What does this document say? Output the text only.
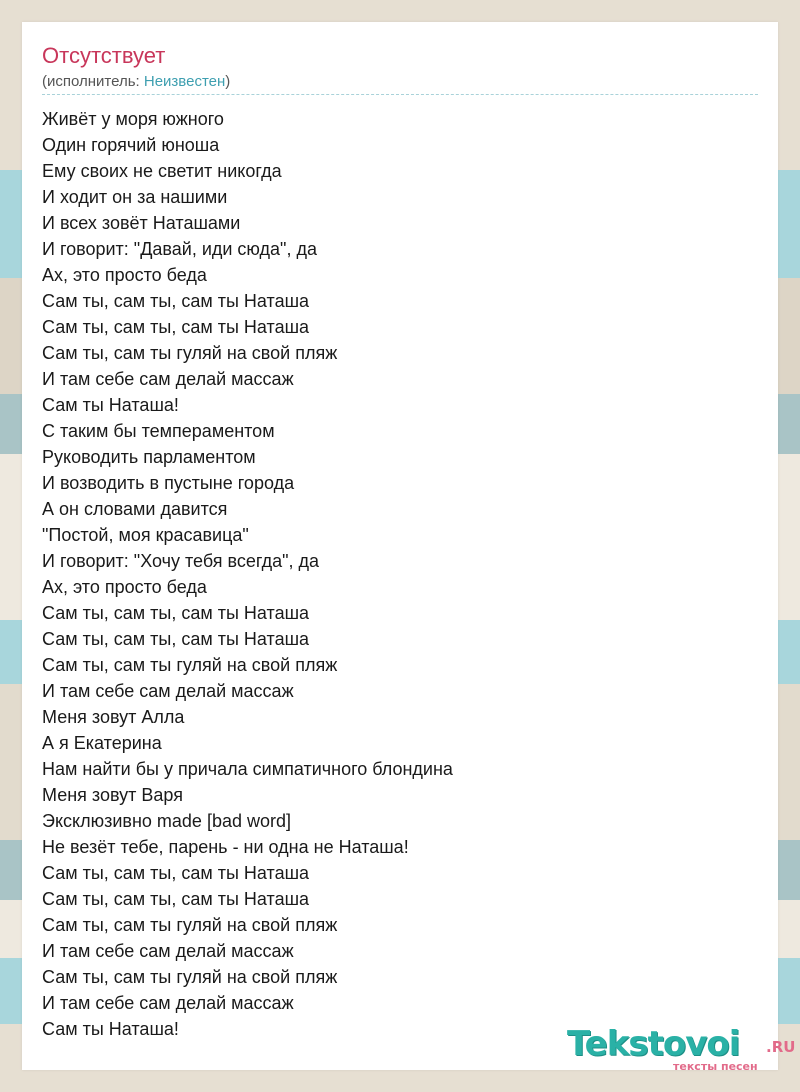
Отсутствует
(исполнитель: Неизвестен)
Живёт у моря южного
Один горячий юноша
Ему своих не светит никогда
И ходит он за нашими
И всех зовёт Наташами
И говорит: "Давай, иди сюда", да
Ах, это просто беда
Сам ты, сам ты, сам ты Наташа
Сам ты, сам ты, сам ты Наташа
Сам ты, сам ты гуляй на свой пляж
И там себе сам делай массаж
Сам ты Наташа!
С таким бы темпераментом
Руководить парламентом
И возводить в пустыне города
А он словами давится
"Постой, моя красавица"
И говорит: "Хочу тебя всегда", да
Ах, это просто беда
Сам ты, сам ты, сам ты Наташа
Сам ты, сам ты, сам ты Наташа
Сам ты, сам ты гуляй на свой пляж
И там себе сам делай массаж
Меня зовут Алла
А я Екатерина
Нам найти бы у причала симпатичного блондина
Меня зовут Варя
Эксклюзивно made [bad word]
Не везёт тебе, парень - ни одна не Наташа!
Сам ты, сам ты, сам ты Наташа
Сам ты, сам ты, сам ты Наташа
Сам ты, сам ты гуляй на свой пляж
И там себе сам делай массаж
Сам ты, сам ты гуляй на свой пляж
И там себе сам делай массаж
Сам ты Наташа!	Tekstovoi .RU
тексты песен
